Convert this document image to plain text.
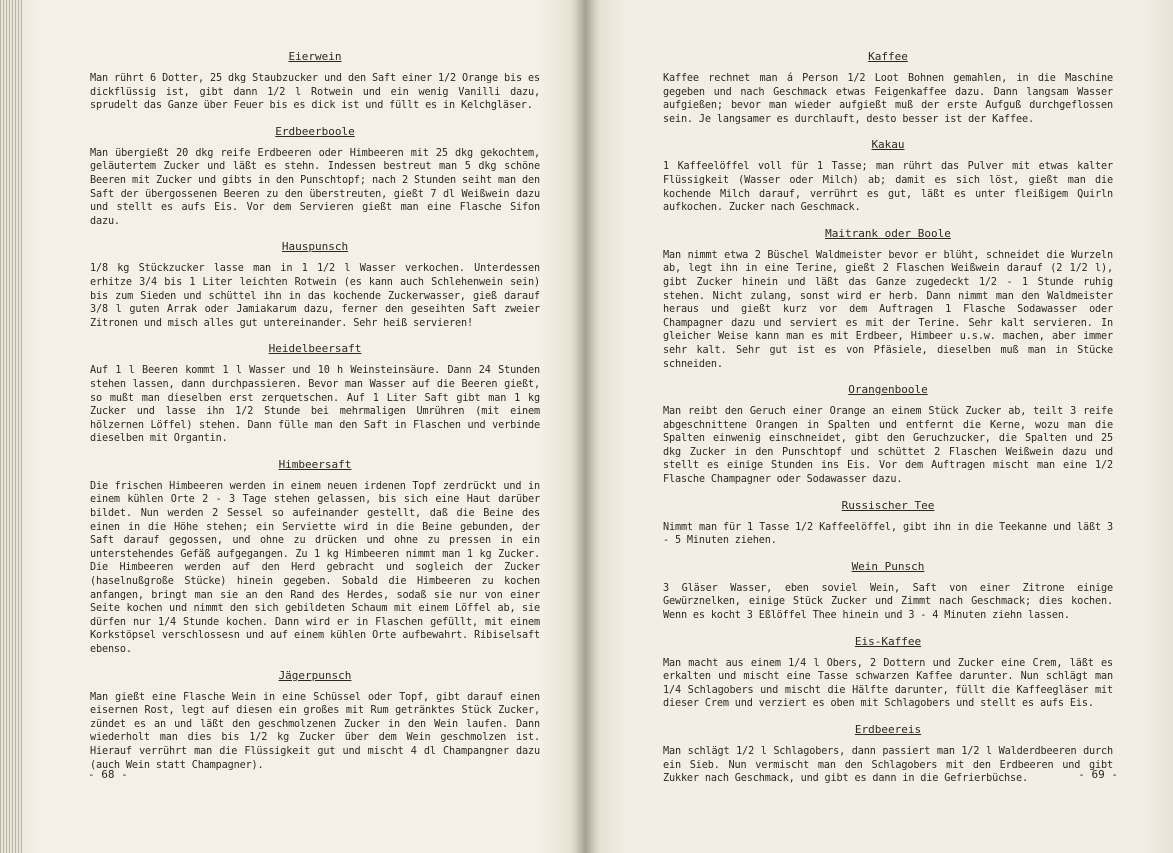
Eierwein

Man rührt 6 Dotter, 25 dkg Staubzucker und den Saft einer 1/2 Orange bis es dickflüssig ist, gibt dann 1/2 l Rotwein und ein wenig Vanilli dazu, sprudelt das Ganze über Feuer bis es dick ist und füllt es in Kelchgläser.

Erdbeerboole

Man übergießt 20 dkg reife Erdbeeren oder Himbeeren mit 25 dkg gekochtem, geläutertem Zucker und läßt es stehn. Indessen bestreut man 5 dkg schöne Beeren mit Zucker und gibts in den Punschtopf; nach 2 Stunden seiht man den Saft der übergossenen Beeren zu den überstreuten, gießt 7 dl Weißwein dazu und stellt es aufs Eis. Vor dem Servieren gießt man eine Flasche Sifon dazu.

Hauspunsch

1/8 kg Stückzucker lasse man in 1 1/2 l Wasser verkochen. Unterdessen erhitze 3/4 bis 1 Liter leichten Rotwein (es kann auch Schlehenwein sein) bis zum Sieden und schüttel ihn in das kochende Zuckerwasser, gieß darauf 3/8 l guten Arrak oder Jamiakarum dazu, ferner den geseihten Saft zweier Zitronen und misch alles gut untereinander. Sehr heiß servieren!

Heidelbeersaft

Auf 1 l Beeren kommt 1 l Wasser und 10 h Weinsteinsäure. Dann 24 Stunden stehen lassen, dann durchpassieren. Bevor man Wasser auf die Beeren gießt, so mußt man dieselben erst zerquetschen. Auf 1 Liter Saft gibt man 1 kg Zucker und lasse ihn 1/2 Stunde bei mehrmaligen Umrühren (mit einem hölzernen Löffel) stehen. Dann fülle man den Saft in Flaschen und verbinde dieselben mit Organtin.

Himbeersaft

Die frischen Himbeeren werden in einem neuen irdenen Topf zerdrückt und in einem kühlen Orte 2 - 3 Tage stehen gelassen, bis sich eine Haut darüber bildet. Nun werden 2 Sessel so aufeinander gestellt, daß die Beine des einen in die Höhe stehen; ein Serviette wird in die Beine gebunden, der Saft darauf gegossen, und ohne zu drücken und ohne zu pressen in ein unterstehendes Gefäß aufgegangen. Zu 1 kg Himbeeren nimmt man 1 kg Zucker. Die Himbeeren werden auf den Herd gebracht und sogleich der Zucker (haselnußgroße Stücke) hinein gegeben. Sobald die Himbeeren zu kochen anfangen, bringt man sie an den Rand des Herdes, sodaß sie nur von einer Seite kochen und nimmt den sich gebildeten Schaum mit einem Löffel ab, sie dürfen nur 1/4 Stunde kochen. Dann wird er in Flaschen gefüllt, mit einem Korkstöpsel verschlossesn und auf einem kühlen Orte aufbewahrt. Ribiselsaft ebenso.

Jägerpunsch

Man gießt eine Flasche Wein in eine Schüssel oder Topf, gibt darauf einen eisernen Rost, legt auf diesen ein großes mit Rum getränktes Stück Zucker, zündet es an und läßt den geschmolzenen Zucker in den Wein laufen. Dann wiederholt man dies bis 1/2 kg Zucker über dem Wein geschmolzen ist. Hierauf verrührt man die Flüssigkeit gut und mischt 4 dl Champangner dazu (auch Wein statt Champagner).

- 68 -
Kaffee

Kaffee rechnet man á Person 1/2 Loot Bohnen gemahlen, in die Maschine gegeben und nach Geschmack etwas Feigenkaffee dazu. Dann langsam Wasser aufgießen; bevor man wieder aufgießt muß der erste Aufguß durchgeflossen sein. Je langsamer es durchlauft, desto besser ist der Kaffee.

Kakau

1 Kaffeelöffel voll für 1 Tasse; man rührt das Pulver mit etwas kalter Flüssigkeit (Wasser oder Milch) ab; damit es sich löst, gießt man die kochende Milch darauf, verrührt es gut, läßt es unter fleißigem Quirln aufkochen. Zucker nach Geschmack.

Maitrank oder Boole

Man nimmt etwa 2 Büschel Waldmeister bevor er blüht, schneidet die Wurzeln ab, legt ihn in eine Terine, gießt 2 Flaschen Weißwein darauf (2 1/2 l), gibt Zucker hinein und läßt das Ganze zugedeckt 1/2 - 1 Stunde ruhig stehen. Nicht zulang, sonst wird er herb. Dann nimmt man den Waldmeister heraus und gießt kurz vor dem Auftragen 1 Flasche Sodawasser oder Champagner dazu und serviert es mit der Terine. Sehr kalt servieren. In gleicher Weise kann man es mit Erdbeer, Himbeer u.s.w. machen, aber immer sehr kalt. Sehr gut ist es von Pfäsiele, dieselben muß man in Stücke schneiden.

Orangenboole

Man reibt den Geruch einer Orange an einem Stück Zucker ab, teilt 3 reife abgeschnittene Orangen in Spalten und entfernt die Kerne, wozu man die Spalten einwenig einschneidet, gibt den Geruchzucker, die Spalten und 25 dkg Zucker in den Punschtopf und schüttet 2 Flaschen Weißwein dazu und stellt es einige Stunden ins Eis. Vor dem Auftragen mischt man eine 1/2 Flasche Champagner oder Sodawasser dazu.

Russischer Tee

Nimmt man für 1 Tasse 1/2 Kaffeelöffel, gibt ihn in die Teekanne und läßt 3 - 5 Minuten ziehen.

Wein Punsch

3 Gläser Wasser, eben soviel Wein, Saft von einer Zitrone einige Gewürznelken, einige Stück Zucker und Zimmt nach Geschmack; dies kochen. Wenn es kocht 3 Eßlöffel Thee hinein und 3 - 4 Minuten ziehn lassen.

Eis-Kaffee

Man macht aus einem 1/4 l Obers, 2 Dottern und Zucker eine Crem, läßt es erkalten und mischt eine Tasse schwarzen Kaffee darunter. Nun schlägt man 1/4 Schlagobers und mischt die Hälfte darunter, füllt die Kaffeegläser mit dieser Crem und verziert es oben mit Schlagobers und stellt es aufs Eis.

Erdbeereis

Man schlägt 1/2 l Schlagobers, dann passiert man 1/2 l Walderdbeeren durch ein Sieb. Nun vermischt man den Schlagobers mit den Erdbeeren und gibt Zukker nach Geschmack, und gibt es dann in die Gefrierbüchse.	- 69 -
